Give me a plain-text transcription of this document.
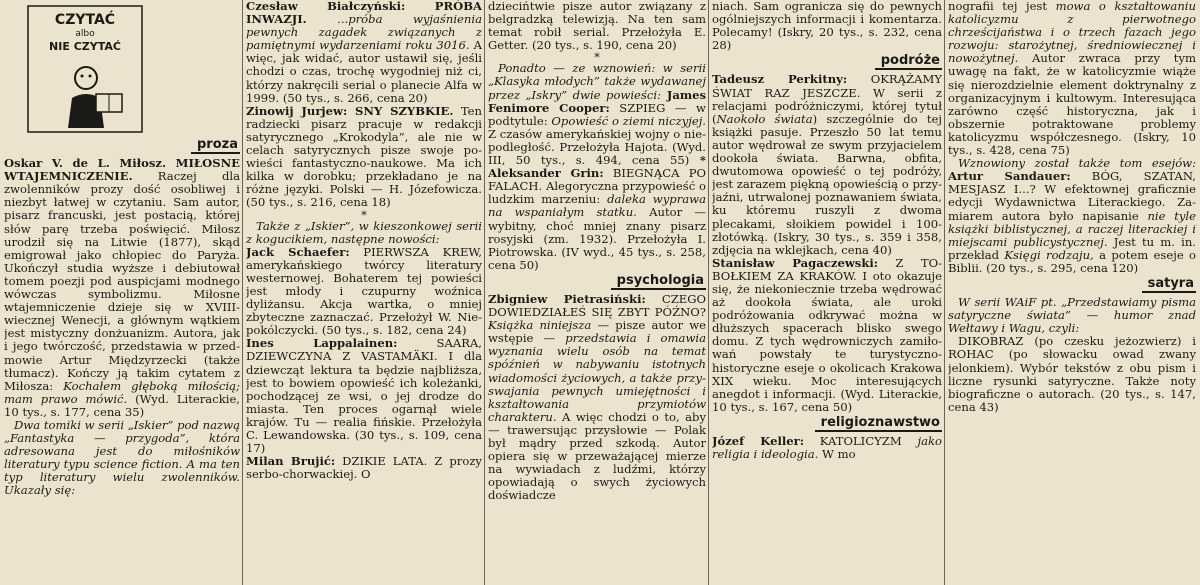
CZYTAĆ
albo
NIE CZYTAĆ
proza

Oskar V. de L. Miłosz. MIŁOSNE WTAJEMNICZENIE. Raczej dla zwolenników prozy dość osobliwej i niezbyt łatwej w czytaniu. Sam autor, pisarz francuski, jest postacią, której słów parę trzeba poświęcić. Miłosz urodził się na Litwie (1877), skąd emigrował jako chłopiec do Paryża. Ukończył studia wyższe i debiutował tomem poezji pod auspicjami modnego wówczas symbolizmu. Miłosne wtajemniczenie dzieje się w XVIII-wiecznej Wenecji, a głównym wątkiem jest mistyczny donżuanizm. Autora, jak i jego twórczość, przedstawia w przedmowie Artur Międzyrzecki (także tłumacz). Kończy ją takim cytatem z Miłosza: Kochałem głęboką miłością; mam prawo mówić. (Wyd. Literackie, 10 tys., s. 177, cena 35)

Dwa tomiki w serii „Iskier” pod nazwą „Fantastyka — przygoda”, która adresowana jest do miłośników literatury typu science fiction. A ma ten typ literatury wielu zwolenników. Ukazały się:

Czesław Białczyński: PRÓBA INWAZJI. ...próba wyjaśnienia pewnych zagadek związanych z pamiętnymi wydarzeniami roku 3016. A więc, jak widać, autor ustawił się, jeśli chodzi o czas, trochę wygodniej niż ci, którzy nakręcili serial o planecie Alfa w 1999. (50 tys., s. 266, cena 20)

Zinowij Jurjew: SNY SZYBKIE. Ten radziecki pisarz pracuje w redakcji satyrycznego „Krokodyla”, ale nie w celach satyrycznych pisze swoje powieści fantastyczno-naukowe. Ma ich kilka w dorobku; przekładano je na różne języki. Polski — H. Józefowicza. (50 tys., s. 216, cena 18)

*

Także z „Iskier”, w kieszonkowej serii z kogucikiem, następne nowości:

Jack Schaefer: PIERWSZA KREW, amerykańskiego twórcy literatury westernowej. Bohaterem tej powieści jest młody i czupurny woźnica dyliżansu. Akcja wartka, o mniej zbyteczne zaznaczać. Przełożył W. Niepokólczycki. (50 tys., s. 182, cena 24)

Ines Lappalainen: SAARA, DZIEWCZYNA Z VASTAMÄKI. I dla dziewcząt lektura ta będzie najbliższa, jest to bowiem opowieść ich koleżanki, pochodzącej ze wsi, o jej drodze do miasta. Ten proces ogarnął wiele krajów. Tu — realia fińskie. Przełożyła C. Lewandowska. (30 tys., s. 109, cena 17)

Milan Brujić: DZIKIE LATA. Z prozy serbo-chorwackiej. O

dziecińtwie pisze autor związany z belgradzką telewizją. Na ten sam temat robił serial. Przełożyła E. Getter. (20 tys., s. 190, cena 20)

*

Ponadto — ze wznowień: w serii „Klasyka młodych” także wydawanej przez „Iskry” dwie powieści: James Fenimore Cooper: SZPIEG — w podtytule: Opowieść o ziemi niczyjej. Z czasów amerykańskiej wojny o niepodległość. Przełożyła Hajota. (Wyd. III, 50 tys., s. 494, cena 55) * Aleksander Grin: BIEGNĄCA PO FALACH. Alegoryczna przypowieść o ludzkim marzeniu: daleka wyprawa na wspaniałym statku. Autor — wybitny, choć mniej znany pisarz rosyjski (zm. 1932). Przełożyła I. Piotrowska. (IV wyd., 45 tys., s. 258, cena 50)

psychologia

Zbigniew Pietrasiński: CZEGO DOWIEDZIAŁEŚ SIĘ ZBYT PÓŹNO? Książka niniejsza — pisze autor we wstępie — przedstawia i omawia wyznania wielu osób na temat spóźnień w nabywaniu istotnych wiadomości życiowych, a także przyswajania pewnych umiejętności i kształtowania przymiotów charakteru. A więc chodzi o to, aby — trawersując przysłowie — Polak był mądry przed szkodą. Autor opiera się w przeważającej mierze na wywiadach z ludźmi, którzy opowiadają o swych życiowych doświadcze

niach. Sam ogranicza się do pewnych ogólniejszych informacji i komentarza. Polecamy! (Iskry, 20 tys., s. 232, cena 28)

podróże

Tadeusz Perkitny: OKRĄŻAMY ŚWIAT RAZ JESZCZE. W serii z relacjami podróżniczymi, której tytuł (Naokoło świata) szczególnie do tej książki pasuje. Przeszło 50 lat temu autor wędrował ze swym przyjacielem dookoła świata. Barwna, obfita, dwutomowa opowieść o tej podróży, jest zarazem piękną opowieścią o przyjaźni, utrwalonej poznawaniem świata, ku któremu ruszyli z dwoma plecakami, słoikiem powidel i 100-złotówką. (Iskry, 30 tys., s. 359 i 358, zdjęcia na wklejkach, cena 40)

Stanisław Pagaczewski: Z TOBOŁKIEM ZA KRAKÓW. I oto okazuje się, że niekoniecznie trzeba wędrować aż dookoła świata, ale uroki podróżowania odkrywać można w dłuższych spacerach blisko swego domu. Z tych wędrowniczych zamiłowań powstały te turystyczno-historyczne eseje o okolicach Krakowa XIX wieku. Moc interesujących anegdot i informacji. (Wyd. Literackie, 10 tys., s. 167, cena 50)

religioznawstwo

Józef Keller: KATOLICYZM jako religia i ideologia. W mo

nografii tej jest mowa o kształtowaniu katolicyzmu z pierwotnego chrześcijaństwa i o trzech fazach jego rozwoju: starożytnej, średniowiecznej i nowożytnej. Autor zwraca przy tym uwagę na fakt, że w katolicyzmie wiąże się nierozdzielnie element doktrynalny z organizacyjnym i kultowym. Interesująca zarówno część historyczna, jak i obszernie potraktowane problemy katolicyzmu współczesnego. (Iskry, 10 tys., s. 428, cena 75)

Wznowiony został także tom esejów: Artur Sandauer: BÓG, SZATAN, MESJASZ I...? W efektownej graficznie edycji Wydawnictwa Literackiego. Zamiarem autora było napisanie nie tyle książki biblistycznej, a raczej literackiej i miejscami publicystycznej. Jest tu m. in. przekład Księgi rodzaju, a potem eseje o Biblii. (20 tys., s. 295, cena 120)

satyra

W serii WAiF pt. „Przedstawiamy pisma satyryczne świata” — humor znad Wełtawy i Wagu, czyli:

DIKOBRAZ (po czesku jeżozwierz) i ROHAC (po słowacku owad zwany jelonkiem). Wybór tekstów z obu pism i liczne rysunki satyryczne. Także noty biograficzne o autorach. (20 tys., s. 147, cena 43)
